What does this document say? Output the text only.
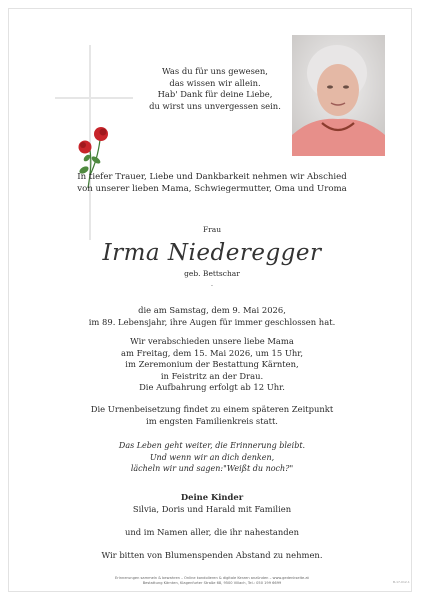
Was du für uns gewesen,
das wissen wir allein.
Hab' Dank für deine Liebe,
du wirst uns unvergessen sein.
In tiefer Trauer, Liebe und Dankbarkeit nehmen wir Abschied
von unserer lieben Mama, Schwiegermutter, Oma und Uroma
Frau
Irma Niederegger
geb. Bettschar
·
die am Samstag, dem 9. Mai 2026,
im 89. Lebensjahr, ihre Augen für immer geschlossen hat.
Wir verabschieden unsere liebe Mama
am Freitag, dem 15. Mai 2026, um 15 Uhr,
im Zeremonium der Bestattung Kärnten,
in Feistritz an der Drau.
Die Aufbahrung erfolgt ab 12 Uhr.
Die Urnenbeisetzung findet zu einem späteren Zeitpunkt
im engsten Familienkreis statt.
Das Leben geht weiter, die Erinnerung bleibt.
Und wenn wir an dich denken,
lächeln wir und sagen:"Weißt du noch?"
Deine Kinder
Silvia, Doris und Harald mit Familien
und im Namen aller, die ihr nahestanden
Wir bitten von Blumenspenden Abstand zu nehmen.
Erinnerungen sammeln & bewahren – Online kondolieren & digitale Kerzen anzünden – www.gedenkseite.at
Bestattung Kärnten, Klagenfurter Straße 68, 9500 Villach, Tel.: 050 199 6699	B-17-012-1
